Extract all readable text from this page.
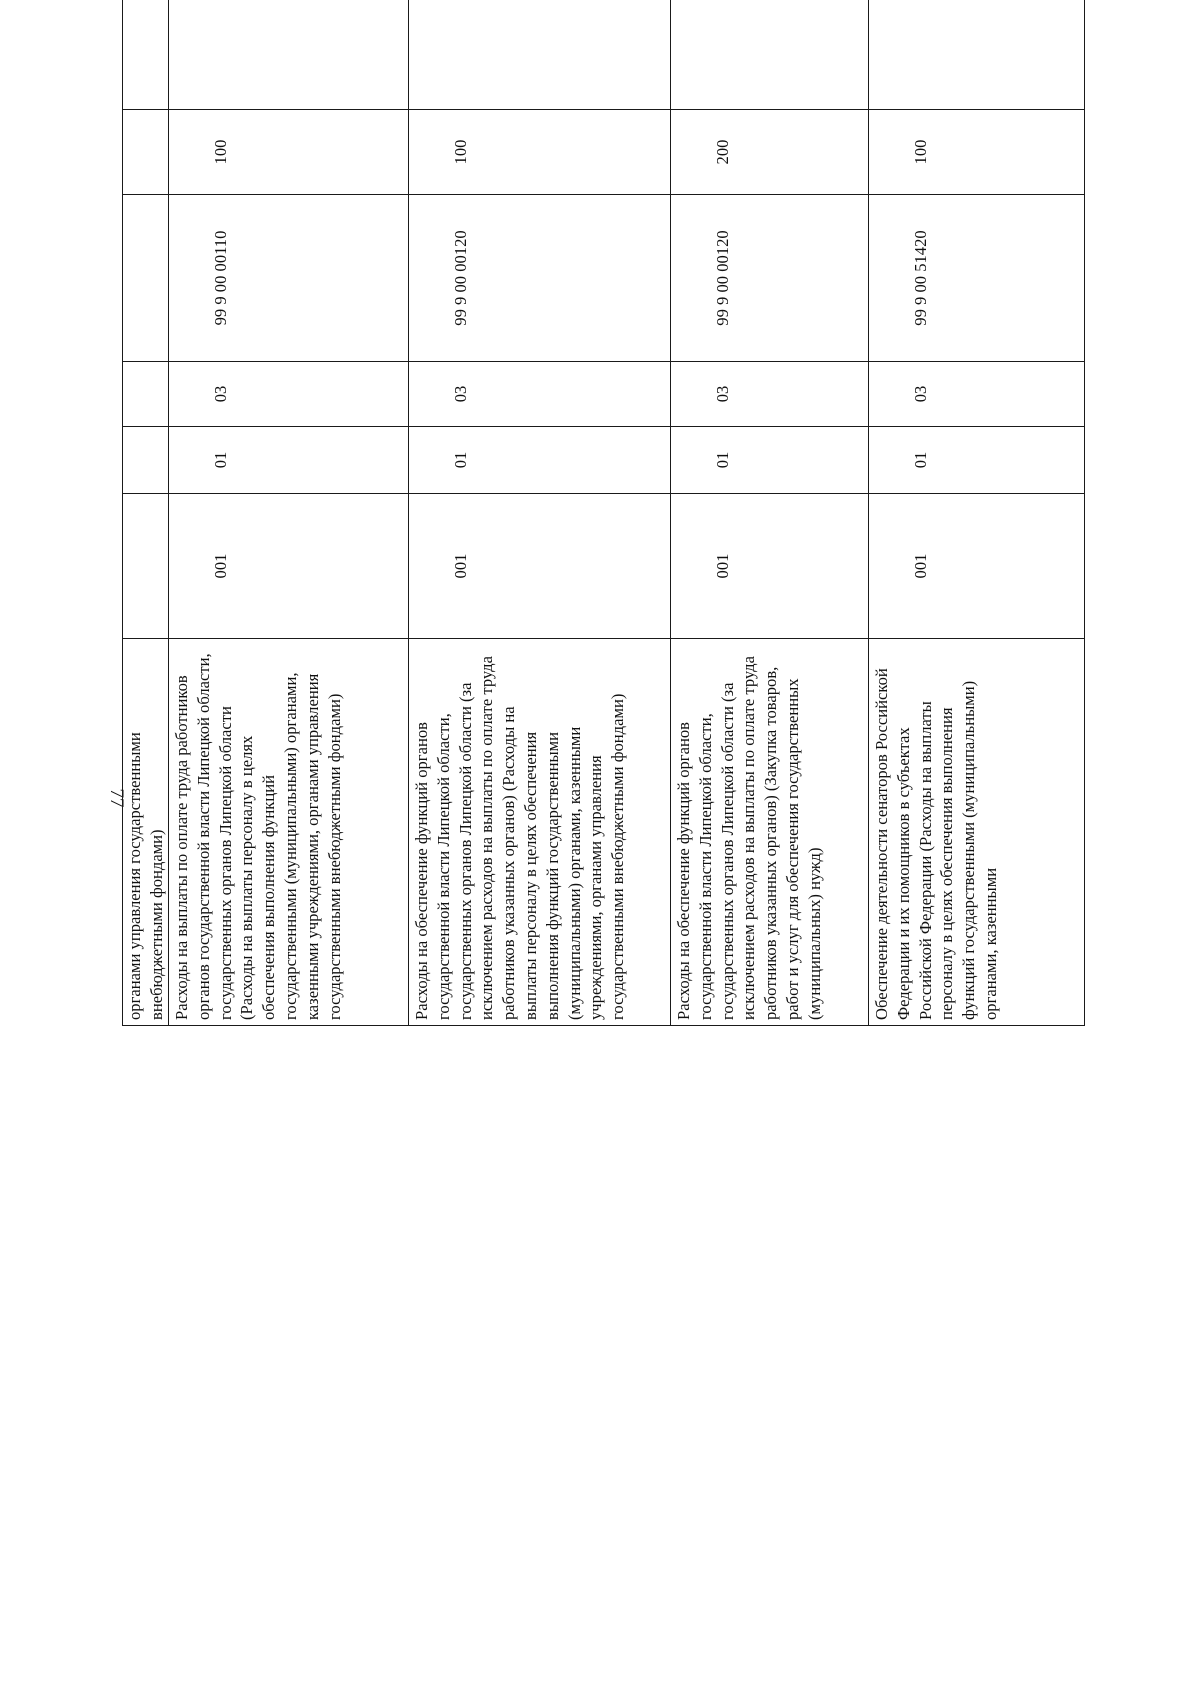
77
органами управления государственными внебюджетными фондами)								
Расходы на выплаты по оплате труда работников органов государственной власти Липецкой области, государственных органов Липецкой области (Расходы на выплаты персоналу в целях обеспечения выполнения функций государственными (муниципальными) органами, казенными учреждениями, органами управления государственными внебюджетными фондами)	001	01	03	99 9 00 00110	100			
Расходы на обеспечение функций органов государственной власти Липецкой области, государственных органов Липецкой области (за исключением расходов на выплаты по оплате труда работников указанных органов) (Расходы на выплаты персоналу в целях обеспечения выполнения функций государственными (муниципальными) органами, казенными учреждениями, органами управления государственными внебюджетными фондами)	001	01	03	99 9 00 00120	100			
Расходы на обеспечение функций органов государственной власти Липецкой области, государственных органов Липецкой области (за исключением расходов на выплаты по оплате труда работников указанных органов) (Закупка товаров, работ и услуг для обеспечения государственных (муниципальных) нужд)	001	01	03	99 9 00 00120	200			
Обеспечение деятельности сенаторов Российской Федерации и их помощников в субъектах Российской Федерации (Расходы на выплаты персоналу в целях обеспечения выполнения функций государственными (муниципальными) органами, казенными	001	01	03	99 9 00 51420	100			
